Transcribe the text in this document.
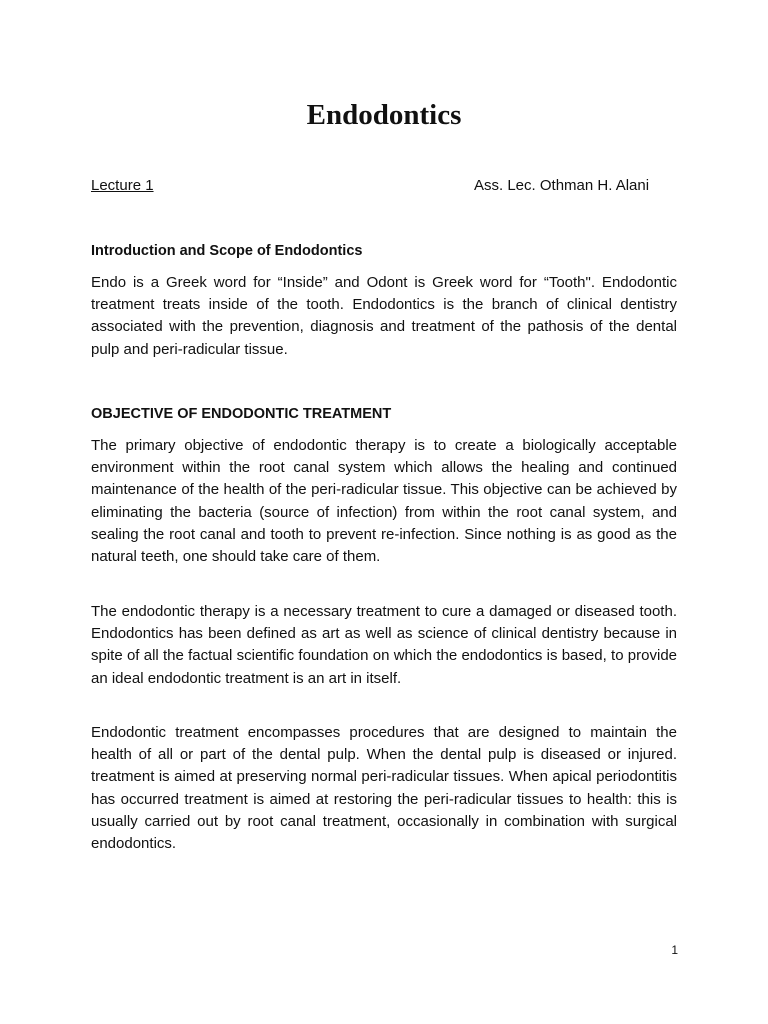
Endodontics
Lecture 1	Ass. Lec. Othman H. Alani
Introduction and Scope of Endodontics

Endo is a Greek word for “Inside” and Odont is Greek word for “Tooth". Endodontic treatment treats inside of the tooth. Endodontics is the branch of clinical dentistry associated with the prevention, diagnosis and treatment of the pathosis of the dental pulp and peri-radicular tissue.

OBJECTIVE OF ENDODONTIC TREATMENT

The primary objective of endodontic therapy is to create a biologically acceptable environment within the root canal system which allows the healing and continued maintenance of the health of the peri-radicular tissue. This objective can be achieved by eliminating the bacteria (source of infection) from within the root canal system, and sealing the root canal and tooth to prevent re-infection. Since nothing is as good as the natural teeth, one should take care of them.

The endodontic therapy is a necessary treatment to cure a damaged or diseased tooth. Endodontics has been defined as art as well as science of clinical dentistry because in spite of all the factual scientific foundation on which the endodontics is based, to provide an ideal endodontic treatment is an art in itself.

Endodontic treatment encompasses procedures that are designed to maintain the health of all or part of the dental pulp. When the dental pulp is diseased or injured. treatment is aimed at preserving normal peri-radicular tissues. When apical periodontitis has occurred treatment is aimed at restoring the peri-radicular tissues to health: this is usually carried out by root canal treatment, occasionally in combination with surgical endodontics.

1
